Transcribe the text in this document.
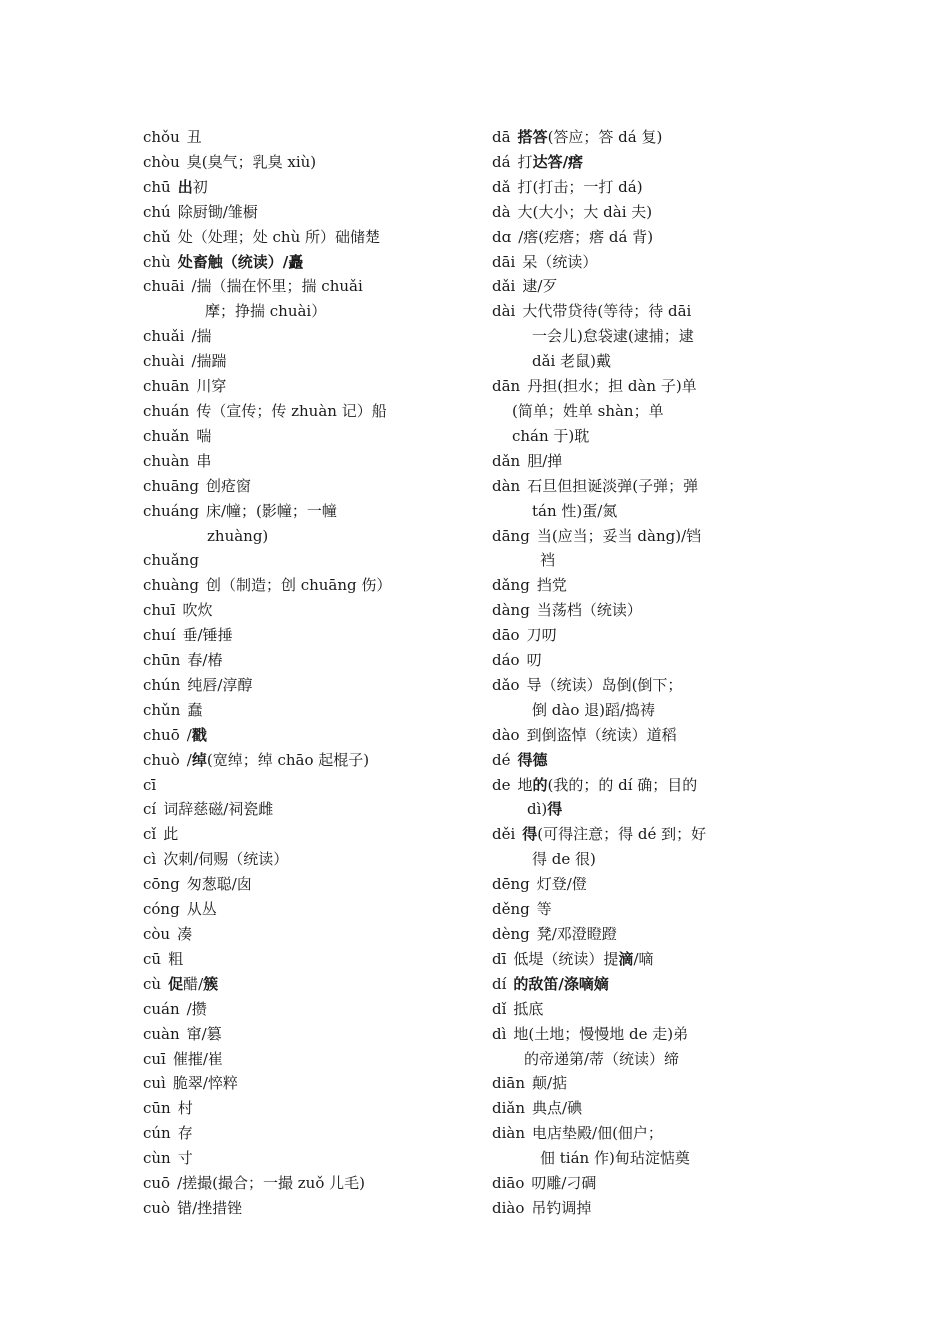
chǒu 丑
chòu 臭(臭气；乳臭 xiù)
chū 出初
chú 除厨锄/雏橱
chǔ 处（处理；处 chù 所）础储楚
chù 处畜触（统读）/矗
chuāi /揣（揣在怀里；揣 chuǎi
摩；挣揣 chuài）
chuǎi /揣
chuài /揣踹
chuān 川穿
chuán 传（宣传；传 zhuàn 记）船
chuǎn 喘
chuàn 串
chuāng 创疮窗
chuáng 床/幢；(影幢；一幢
zhuàng)
chuǎng
chuàng 创（制造；创 chuāng 伤）
chuī 吹炊
chuí 垂/锤捶
chūn 春/椿
chún 纯唇/淳醇
chǔn 蠢
chuō /戳
chuò /绰(宽绰；绰 chāo 起棍子)
cī
cí 词辞慈磁/祠瓷雌
cǐ 此
cì 次刺/伺赐（统读）
cōng 匆葱聪/囱
cóng 从丛
còu 凑
cū 粗
cù 促醋/簇
cuán /攒
cuàn 窜/篡
cuī 催摧/崔
cuì 脆翠/悴粹
cūn 村
cún 存
cùn 寸
cuō /搓撮(撮合；一撮 zuǒ 儿毛)
cuò 错/挫措锉
dā 搭答(答应；答 dá 复)
dá 打达答/瘩
dǎ 打(打击；一打 dá)
dà 大(大小；大 dài 夫)
dɑ /瘩(疙瘩；瘩 dá 背)
dāi 呆（统读）
dǎi 逮/歹
dài 大代带贷待(等待；待 dāi
一会儿)怠袋逮(逮捕；逮
dǎi 老鼠)戴
dān 丹担(担水；担 dàn 子)单
(简单；姓单 shàn；单
chán 于)耽
dǎn 胆/掸
dàn 石旦但担诞淡弹(子弹；弹
tán 性)蛋/氮
dāng 当(应当；妥当 dàng)/铛
裆
dǎng 挡党
dàng 当荡档（统读）
dāo 刀叨
dáo 叨
dǎo 导（统读）岛倒(倒下；
倒 dào 退)蹈/捣祷
dào 到倒盗悼（统读）道稻
dé 得德
de 地的(我的；的 dí 确；目的
dì) 得
děi 得(可得注意；得 dé 到；好
得 de 很)
dēng 灯登/僜
děng 等
dèng 凳/邓澄瞪蹬
dī 低堤（统读）提滴/嘀
dí 的敌笛/涤嘀嫡
dǐ 抵底
dì 地(土地；慢慢地 de 走)弟
的帝递第/蒂（统读）缔
diān 颠/掂
diǎn 典点/碘
diàn 电店垫殿/佃(佃户；
佃 tián 作)甸玷淀惦奠
diāo 叨雕/刁碉
diào 吊钓调掉
